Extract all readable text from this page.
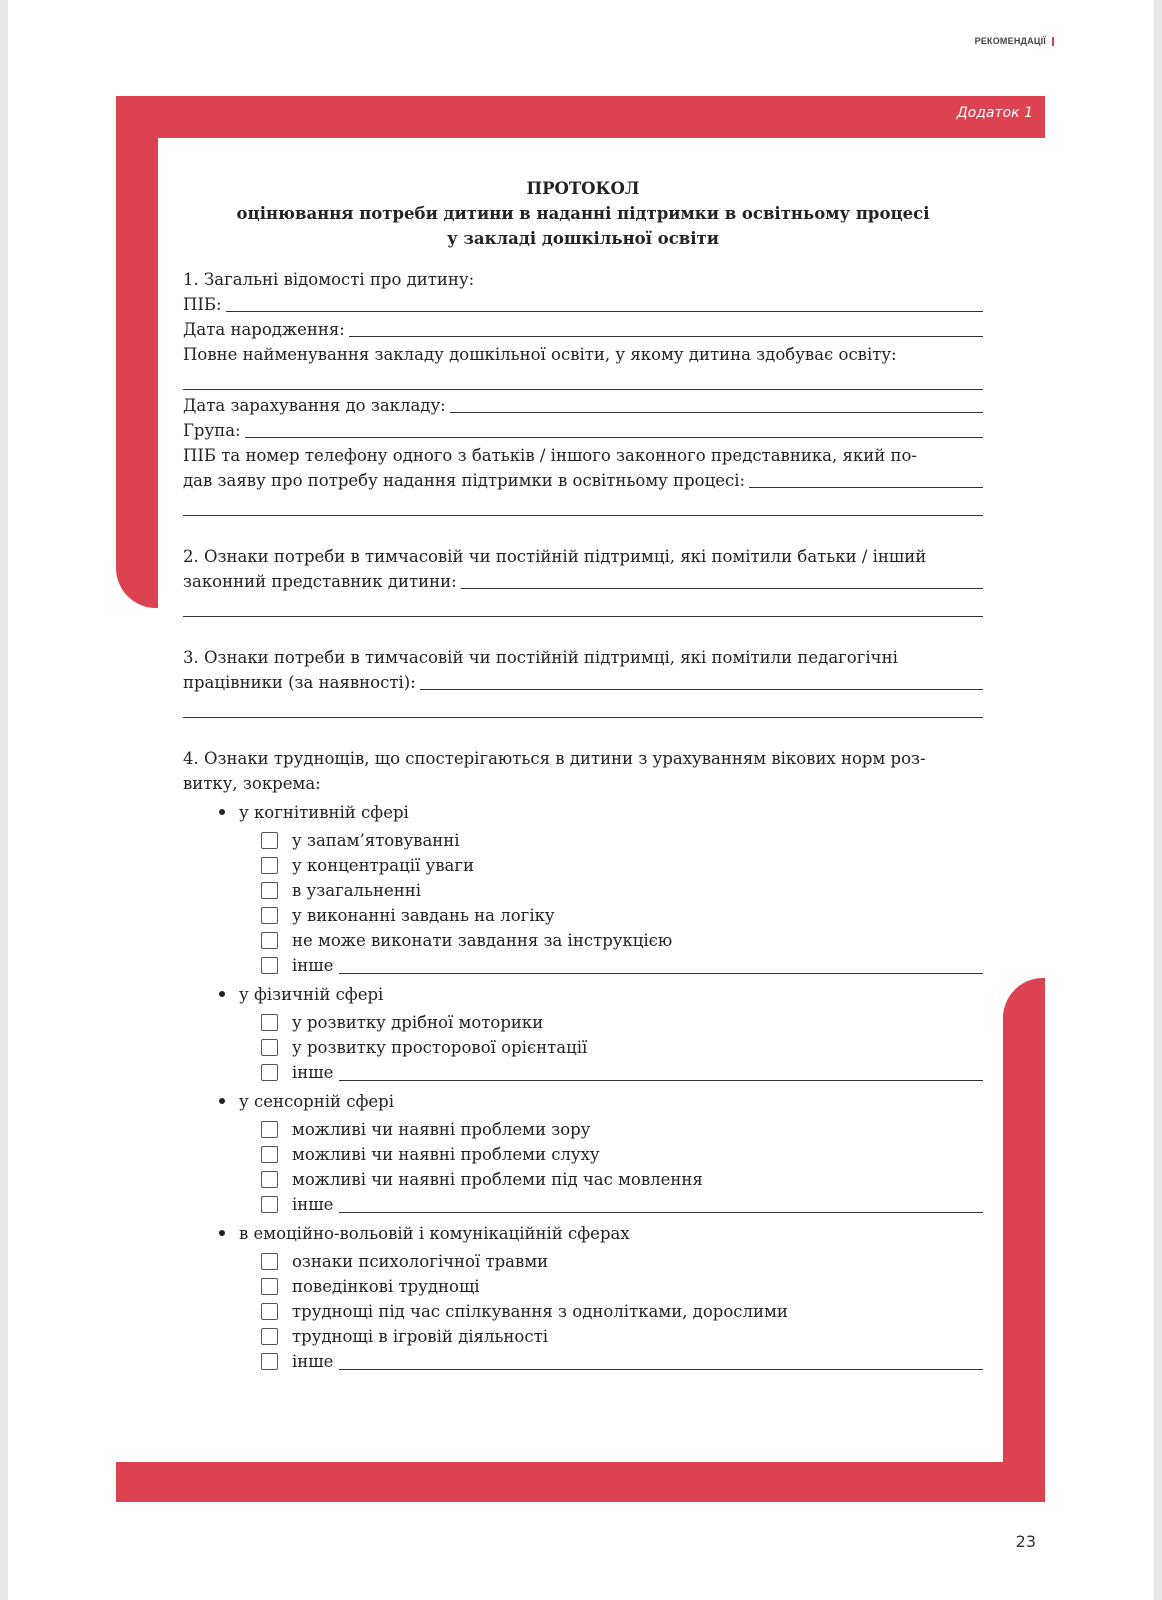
РЕКОМЕНДАЦІЇ
Додаток 1
23
ПРОТОКОЛ
оцінювання потреби дитини в наданні підтримки в освітньому процесі
у закладі дошкільної освіти
1. Загальні відомості про дитину:
ПІБ:
Дата народження:
Повне найменування закладу дошкільної освіти, у якому дитина здобуває освіту:
Дата зарахування до закладу:
Група:
ПІБ та номер телефону одного з батьків / іншого законного представника, який по-
дав заяву про потребу надання підтримки в освітньому процесі:
2. Ознаки потреби в тимчасовій чи постійній підтримці, які помітили батьки / інший
законний представник дитини:
3. Ознаки потреби в тимчасовій чи постійній підтримці, які помітили педагогічні
працівники (за наявності):
4. Ознаки труднощів, що спостерігаються в дитини з урахуванням вікових норм роз-
витку, зокрема:
у когнітивній сфері
у запам’ятовуванні
у концентрації уваги
в узагальненні
у виконанні завдань на логіку
не може виконати завдання за інструкцією
інше
у фізичній сфері
у розвитку дрібної моторики
у розвитку просторової орієнтації
інше
у сенсорній сфері
можливі чи наявні проблеми зору
можливі чи наявні проблеми слуху
можливі чи наявні проблеми під час мовлення
інше
в емоційно-вольовій і комунікаційній сферах
ознаки психологічної травми
поведінкові труднощі
труднощі під час спілкування з однолітками, дорослими
труднощі в ігровій діяльності
інше
